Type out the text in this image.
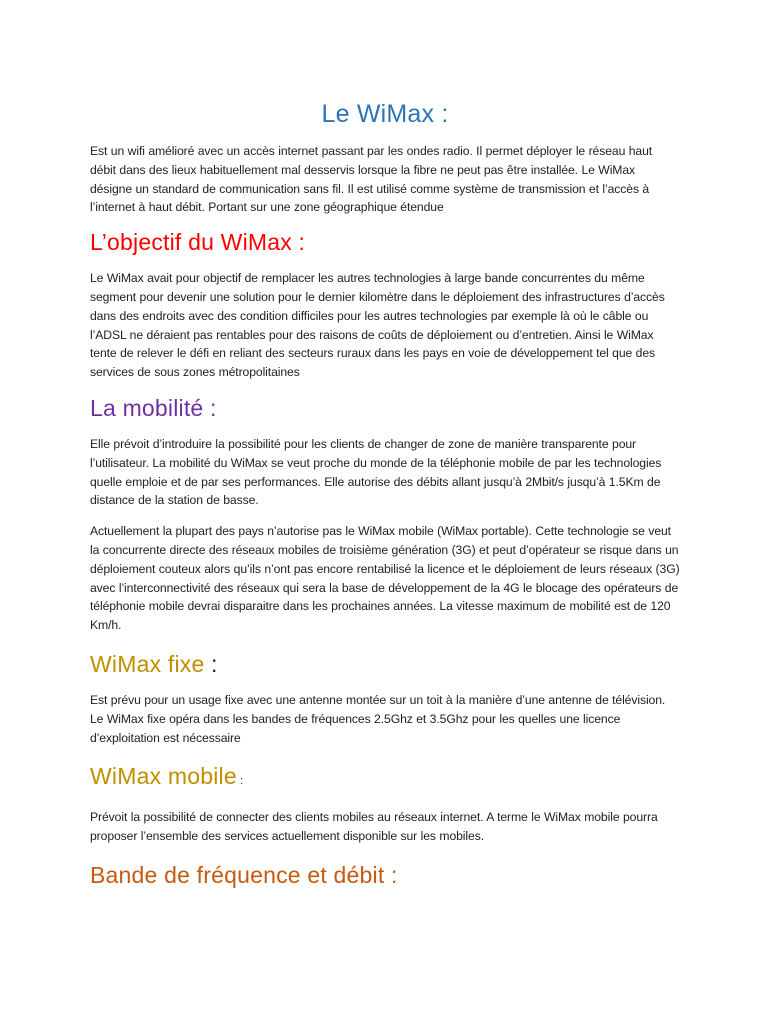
Le WiMax :

Est un wifi amélioré avec un accès internet passant par les ondes radio. Il permet déployer le réseau haut débit dans des lieux habituellement mal desservis lorsque la fibre ne peut pas être installée. Le WiMax désigne un standard de communication sans fil. Il est utilisé comme système de transmission et l’accès à l’internet à haut débit. Portant sur une zone géographique étendue

L’objectif du WiMax :

Le WiMax avait pour objectif de remplacer les autres technologies à large bande concurrentes du même segment pour devenir une solution pour le dernier kilomètre dans le déploiement des infrastructures d’accès dans des endroits avec des condition difficiles pour les autres technologies par exemple là où le câble ou l’ADSL ne déraient pas rentables pour des raisons de coûts de déploiement ou d’entretien. Ainsi le WiMax tente de relever le défi en reliant des secteurs ruraux dans les pays en voie de développement tel que des services de sous zones métropolitaines

La mobilité :

Elle prévoit d’introduire la possibilité pour les clients de changer de zone de manière transparente pour l’utilisateur. La mobilité du WiMax se veut proche du monde de la téléphonie mobile de par les technologies quelle emploie et de par ses performances. Elle autorise des débits allant jusqu’à 2Mbit/s jusqu’à 1.5Km de distance de la station de basse.

Actuellement la plupart des pays n’autorise pas le WiMax mobile (WiMax portable). Cette technologie se veut la concurrente directe des réseaux mobiles de troisième génération (3G) et peut d’opérateur se risque dans un déploiement couteux alors qu’ils n’ont pas encore rentabilisé la licence et le déploiement de leurs réseaux (3G) avec l’interconnectivité des réseaux qui sera la base de développement de la 4G le blocage des opérateurs de téléphonie mobile devrai disparaitre dans les prochaines années. La vitesse maximum de mobilité est de 120 Km/h.

WiMax fixe :

Est prévu pour un usage fixe avec une antenne montée sur un toit à la manière d’une antenne de télévision. Le WiMax fixe opéra dans les bandes de fréquences 2.5Ghz et 3.5Ghz pour les quelles une licence d’exploitation est nécessaire

WiMax mobile :

Prévoit la possibilité de connecter des clients mobiles au réseaux internet. A terme le WiMax mobile pourra proposer l’ensemble des services actuellement disponible sur les mobiles.

Bande de fréquence et débit :
